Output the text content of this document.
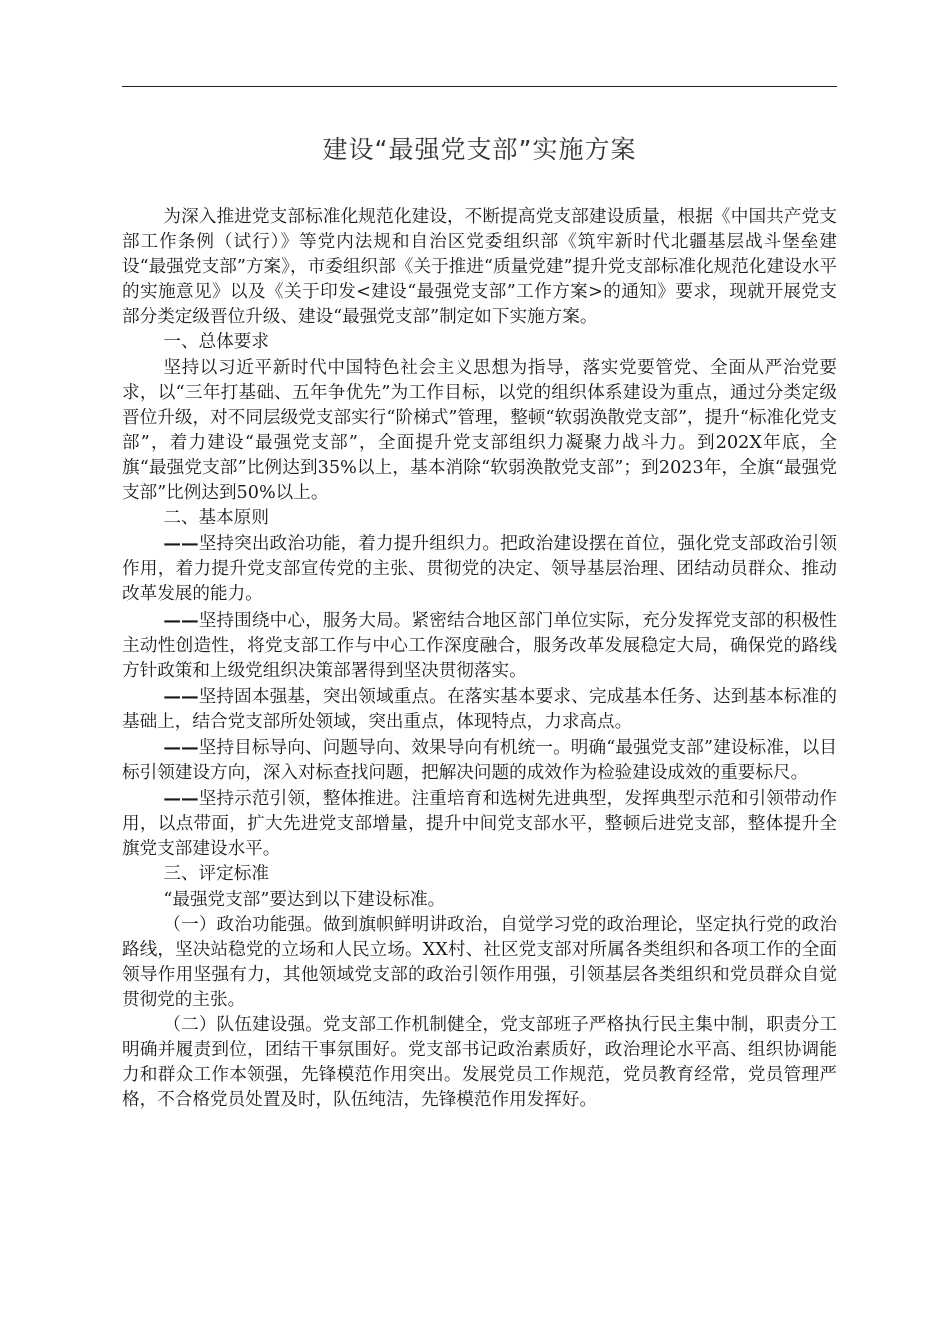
建设“最强党支部”实施方案

为深入推进党支部标准化规范化建设，不断提高党支部建设质量，根据《中国共产党支部工作条例（试行）》等党内法规和自治区党委组织部《筑牢新时代北疆基层战斗堡垒建设“最强党支部”方案》，市委组织部《关于推进“质量党建”提升党支部标准化规范化建设水平的实施意见》以及《关于印发<建设“最强党支部”工作方案>的通知》要求，现就开展党支部分类定级晋位升级、建设“最强党支部”制定如下实施方案。

一、总体要求

坚持以习近平新时代中国特色社会主义思想为指导，落实党要管党、全面从严治党要求，以“三年打基础、五年争优先”为工作目标，以党的组织体系建设为重点，通过分类定级晋位升级，对不同层级党支部实行“阶梯式”管理，整顿“软弱涣散党支部”，提升“标准化党支部”，着力建设“最强党支部”，全面提升党支部组织力凝聚力战斗力。到202X年底，全旗“最强党支部”比例达到35%以上，基本消除“软弱涣散党支部”；到2023年，全旗“最强党支部”比例达到50%以上。

二、基本原则

——坚持突出政治功能，着力提升组织力。把政治建设摆在首位，强化党支部政治引领作用，着力提升党支部宣传党的主张、贯彻党的决定、领导基层治理、团结动员群众、推动改革发展的能力。

——坚持围绕中心，服务大局。紧密结合地区部门单位实际，充分发挥党支部的积极性主动性创造性，将党支部工作与中心工作深度融合，服务改革发展稳定大局，确保党的路线方针政策和上级党组织决策部署得到坚决贯彻落实。

——坚持固本强基，突出领域重点。在落实基本要求、完成基本任务、达到基本标准的基础上，结合党支部所处领域，突出重点，体现特点，力求高点。

——坚持目标导向、问题导向、效果导向有机统一。明确“最强党支部”建设标准，以目标引领建设方向，深入对标查找问题，把解决问题的成效作为检验建设成效的重要标尺。

——坚持示范引领，整体推进。注重培育和选树先进典型，发挥典型示范和引领带动作用，以点带面，扩大先进党支部增量，提升中间党支部水平，整顿后进党支部，整体提升全旗党支部建设水平。

三、评定标准

“最强党支部”要达到以下建设标准。

（一）政治功能强。做到旗帜鲜明讲政治，自觉学习党的政治理论，坚定执行党的政治路线，坚决站稳党的立场和人民立场。XX村、社区党支部对所属各类组织和各项工作的全面领导作用坚强有力，其他领域党支部的政治引领作用强，引领基层各类组织和党员群众自觉贯彻党的主张。

（二）队伍建设强。党支部工作机制健全，党支部班子严格执行民主集中制，职责分工明确并履责到位，团结干事氛围好。党支部书记政治素质好，政治理论水平高、组织协调能力和群众工作本领强，先锋模范作用突出。发展党员工作规范，党员教育经常，党员管理严格，不合格党员处置及时，队伍纯洁，先锋模范作用发挥好。
